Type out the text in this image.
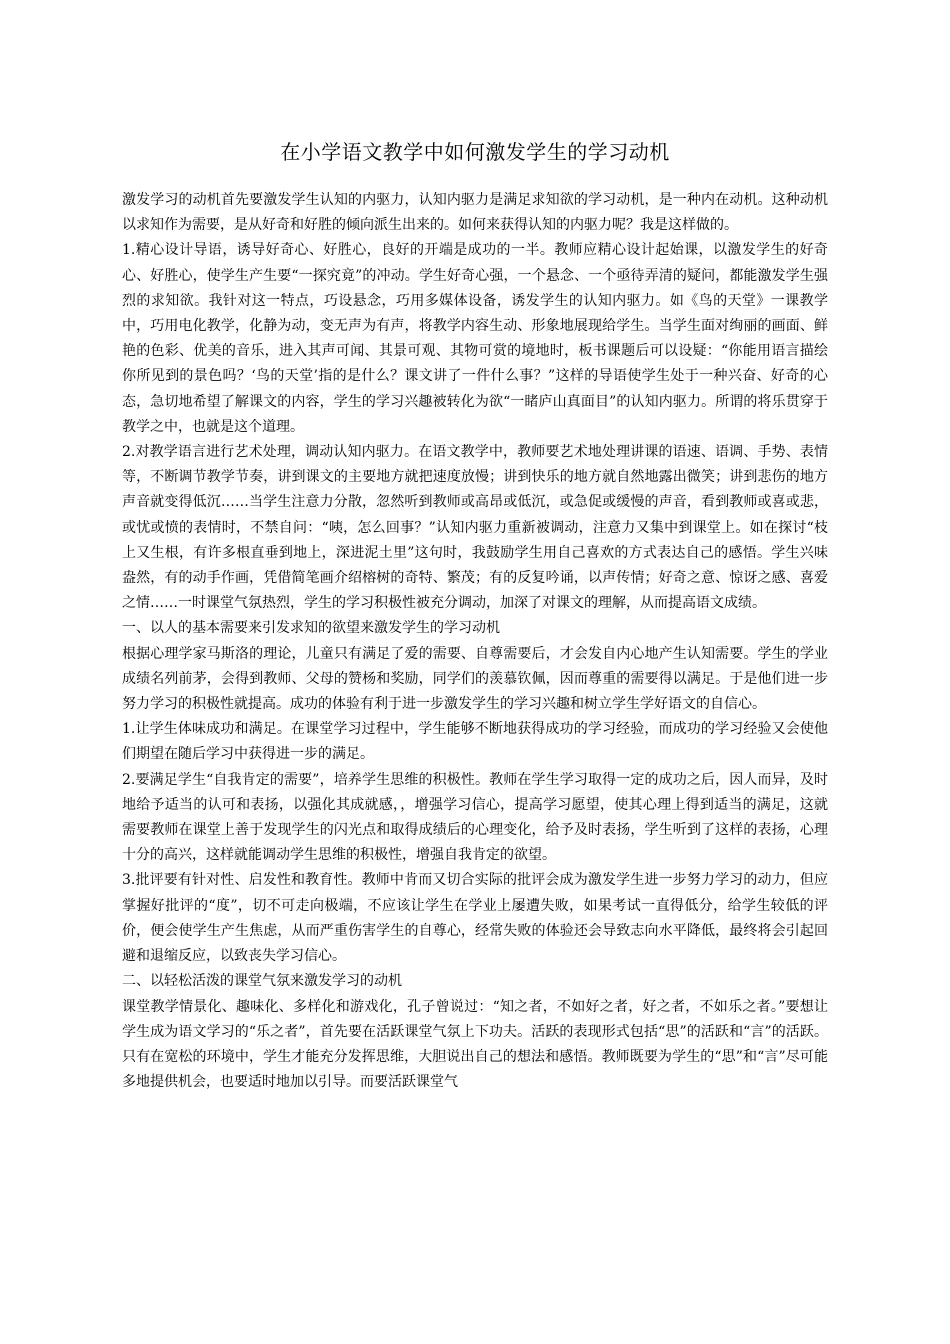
在小学语文教学中如何激发学生的学习动机

激发学习的动机首先要激发学生认知的内驱力，认知内驱力是满足求知欲的学习动机，是一种内在动机。这种动机以求知作为需要，是从好奇和好胜的倾向派生出来的。如何来获得认知的内驱力呢？我是这样做的。

1.精心设计导语，诱导好奇心、好胜心，良好的开端是成功的一半。教师应精心设计起始课，以激发学生的好奇心、好胜心，使学生产生要“一探究竟”的冲动。学生好奇心强，一个悬念、一个亟待弄清的疑问，都能激发学生强烈的求知欲。我针对这一特点，巧设悬念，巧用多媒体设备，诱发学生的认知内驱力。如《鸟的天堂》一课教学中，巧用电化教学，化静为动，变无声为有声，将教学内容生动、形象地展现给学生。当学生面对绚丽的画面、鲜艳的色彩、优美的音乐，进入其声可闻、其景可观、其物可赏的境地时，板书课题后可以设疑：“你能用语言描绘你所见到的景色吗？‘鸟的天堂’指的是什么？课文讲了一件什么事？”这样的导语使学生处于一种兴奋、好奇的心态，急切地希望了解课文的内容，学生的学习兴趣被转化为欲“一睹庐山真面目”的认知内驱力。所谓的将乐贯穿于教学之中，也就是这个道理。

2.对教学语言进行艺术处理，调动认知内驱力。在语文教学中，教师要艺术地处理讲课的语速、语调、手势、表情等，不断调节教学节奏，讲到课文的主要地方就把速度放慢；讲到快乐的地方就自然地露出微笑；讲到悲伤的地方声音就变得低沉……当学生注意力分散，忽然听到教师或高昂或低沉，或急促或缓慢的声音，看到教师或喜或悲，或忧或愤的表情时，不禁自问：“咦，怎么回事？”认知内驱力重新被调动，注意力又集中到课堂上。如在探讨“枝上又生根，有许多根直垂到地上，深进泥土里”这句时，我鼓励学生用自己喜欢的方式表达自己的感悟。学生兴味盎然，有的动手作画，凭借简笔画介绍榕树的奇特、繁茂；有的反复吟诵，以声传情；好奇之意、惊讶之感、喜爱之情……一时课堂气氛热烈，学生的学习积极性被充分调动，加深了对课文的理解，从而提高语文成绩。

一、以人的基本需要来引发求知的欲望来激发学生的学习动机

根据心理学家马斯洛的理论，儿童只有满足了爱的需要、自尊需要后，才会发自内心地产生认知需要。学生的学业成绩名列前茅，会得到教师、父母的赞杨和奖励，同学们的羡慕钦佩，因而尊重的需要得以满足。于是他们进一步努力学习的积极性就提高。成功的体验有利于进一步激发学生的学习兴趣和树立学生学好语文的自信心。

1.让学生体味成功和满足。在课堂学习过程中，学生能够不断地获得成功的学习经验，而成功的学习经验又会使他们期望在随后学习中获得进一步的满足。

2.要满足学生“自我肯定的需要”，培养学生思维的积极性。教师在学生学习取得一定的成功之后，因人而异，及时地给予适当的认可和表扬，以强化其成就感，，增强学习信心，提高学习愿望，使其心理上得到适当的满足，这就需要教师在课堂上善于发现学生的闪光点和取得成绩后的心理变化，给予及时表扬，学生听到了这样的表扬，心理十分的高兴，这样就能调动学生思维的积极性，增强自我肯定的欲望。

3.批评要有针对性、启发性和教育性。教师中肯而又切合实际的批评会成为激发学生进一步努力学习的动力，但应掌握好批评的“度”，切不可走向极端，不应该让学生在学业上屡遭失败，如果考试一直得低分，给学生较低的评价，便会使学生产生焦虑，从而严重伤害学生的自尊心，经常失败的体验还会导致志向水平降低，最终将会引起回避和退缩反应，以致丧失学习信心。

二、以轻松活泼的课堂气氛来激发学习的动机

课堂教学情景化、趣味化、多样化和游戏化，孔子曾说过：“知之者，不如好之者，好之者，不如乐之者。”要想让学生成为语文学习的“乐之者”，首先要在活跃课堂气氛上下功夫。活跃的表现形式包括“思”的活跃和“言”的活跃。只有在宽松的环境中，学生才能充分发挥思维，大胆说出自己的想法和感悟。教师既要为学生的“思”和“言”尽可能多地提供机会，也要适时地加以引导。而要活跃课堂气
